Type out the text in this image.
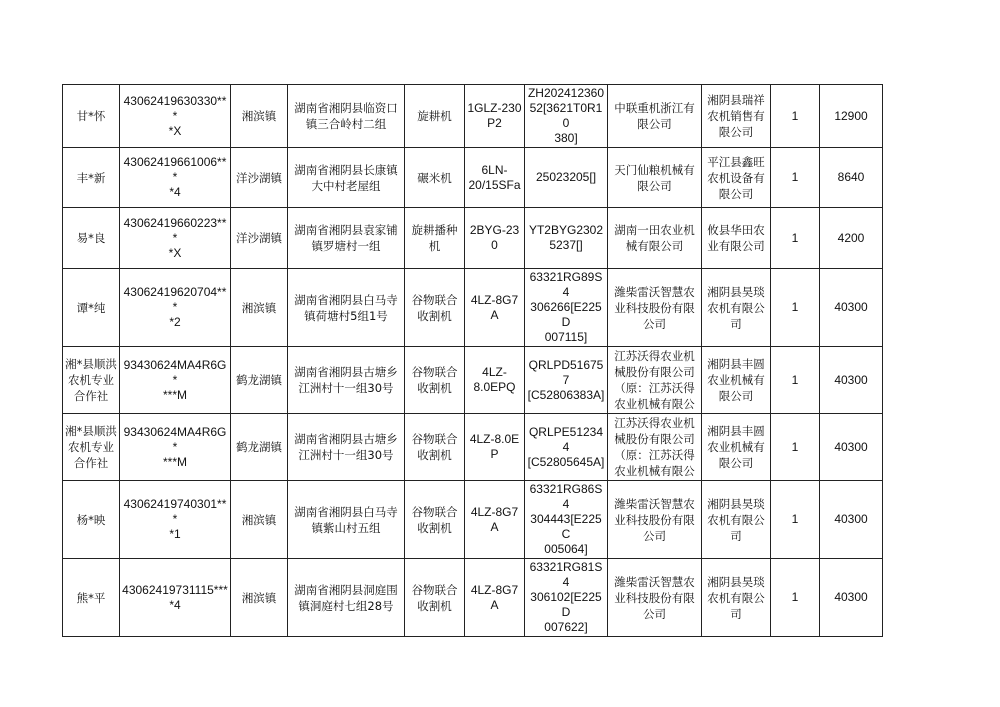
甘*怀	43062419630330***
*X	湘滨镇	湖南省湘阴县临资口镇三合岭村二组	旋耕机	1GLZ-230P2	ZH202412360
52[3621T0R10
380]	中联重机浙江有限公司	湘阴县瑞祥农机销售有限公司	1	12900
丰*新	43062419661006***
*4	洋沙湖镇	湖南省湘阴县长康镇大中村老屋组	碾米机	6LN-
20/15SFa	25023205[]	天门仙粮机械有限公司	平江县鑫旺农机设备有限公司	1	8640
易*良	43062419660223***
*X	洋沙湖镇	湖南省湘阴县袁家铺镇罗塘村一组	旋耕播种机	2BYG-230	YT2BYG2302
5237[]	湖南一田农业机械有限公司	攸县华田农业有限公司	1	4200
谭*纯	43062419620704***
*2	湘滨镇	湖南省湘阴县白马寺镇荷塘村5组1号	谷物联合收割机	4LZ-8G7A	63321RG89S4
306266[E225D
007115]	潍柴雷沃智慧农业科技股份有限公司	湘阴县昊琰农机有限公司	1	40300
湘*县顺洪农机专业合作社	93430624MA4R6G*
***M	鹤龙湖镇	湖南省湘阴县古塘乡江洲村十一组30号	谷物联合收割机	4LZ-
8.0EPQ	QRLPD51675
7
[C52806383A]	江苏沃得农业机械股份有限公司（原：江苏沃得农业机械有限公	湘阴县丰圆农业机械有限公司	1	40300
湘*县顺洪农机专业合作社	93430624MA4R6G*
***M	鹤龙湖镇	湖南省湘阴县古塘乡江洲村十一组30号	谷物联合收割机	4LZ-8.0EP	QRLPE51234
4
[C52805645A]	江苏沃得农业机械股份有限公司（原：江苏沃得农业机械有限公	湘阴县丰圆农业机械有限公司	1	40300
杨*映	43062419740301***
*1	湘滨镇	湖南省湘阴县白马寺镇紫山村五组	谷物联合收割机	4LZ-8G7A	63321RG86S4
304443[E225C
005064]	潍柴雷沃智慧农业科技股份有限公司	湘阴县昊琰农机有限公司	1	40300
熊*平	43062419731115***
*4	湘滨镇	湖南省湘阴县洞庭围镇洞庭村七组28号	谷物联合收割机	4LZ-8G7A	63321RG81S4
306102[E225D
007622]	潍柴雷沃智慧农业科技股份有限公司	湘阴县昊琰农机有限公司	1	40300
